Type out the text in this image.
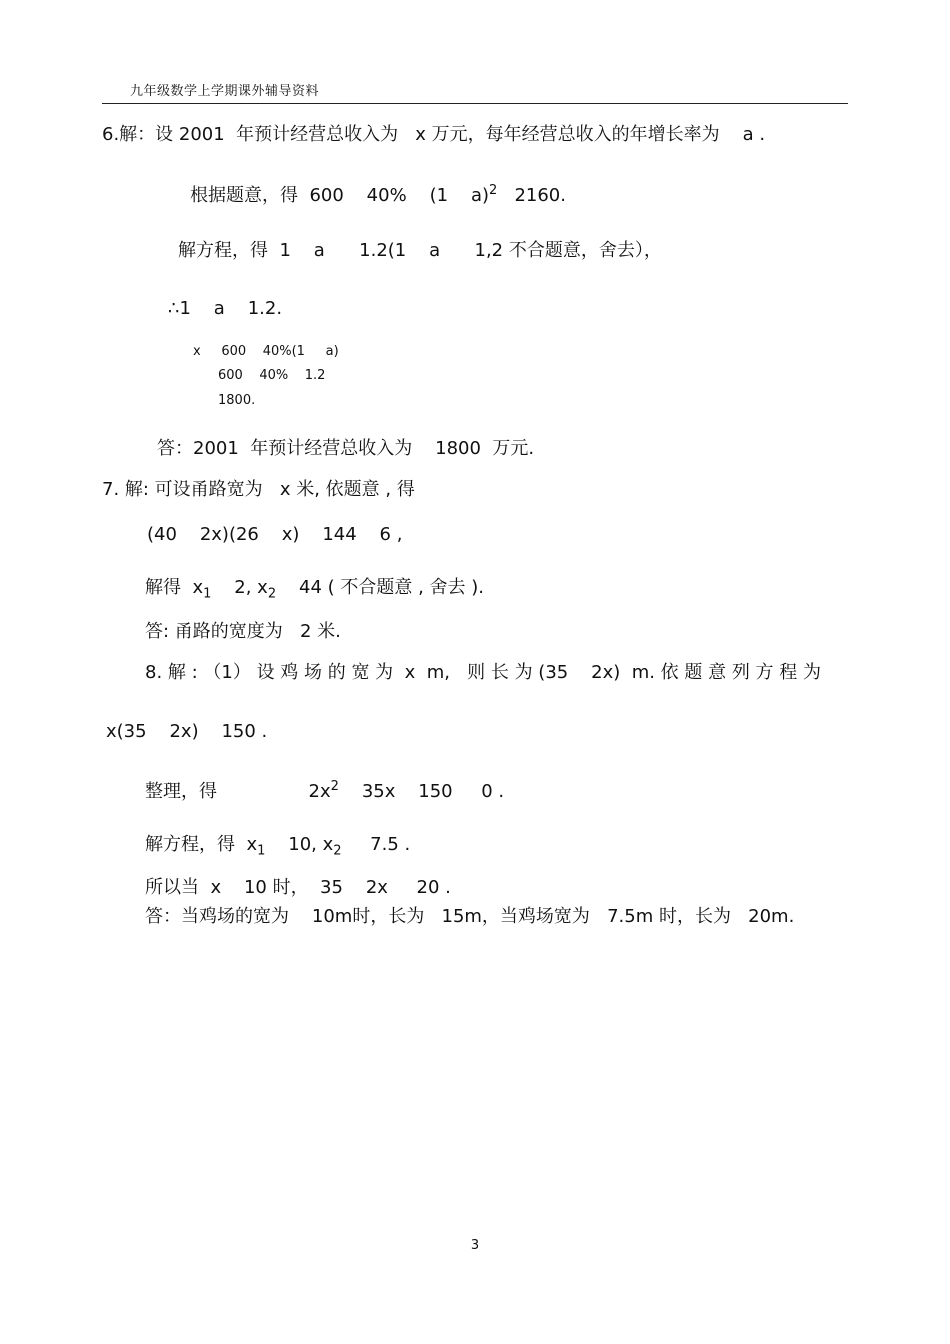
九年级数学上学期课外辅导资料
6.解：设 2001  年预计经营总收入为   x 万元，每年经营总收入的年增长率为    a .
根据题意，得  600    40%    (1    a)$^2$   2160.
解方程，得  1    a      1.2(1    a      1,2 不合题意，舍去），
∴1    a    1.2.
x     600    40%(1     a)
600    40%    1.2
1800.
答：2001  年预计经营总收入为    1800  万元.
7. 解: 可设甬路宽为   x 米, 依题意 , 得
(40    2x)(26    x)    144    6 ,
解得  $x_1$    2, $x_2$    44 ( 不合题意 , 舍去 ).
答: 甬路的宽度为   2 米.
8. 解 : （1） 设 鸡 场 的 宽 为  x  m,   则 长 为 (35    2x)  m. 依 题 意 列 方 程 为
x(35    2x)    150 .
整理，得                $2x^2$    35x    150     0 .
解方程，得  $x_1$    10, $x_2$     7.5 .
所以当  x    10 时，  35    2x     20 .
答：当鸡场的宽为    10m时，长为   15m，当鸡场宽为   7.5m 时，长为   20m.
3
